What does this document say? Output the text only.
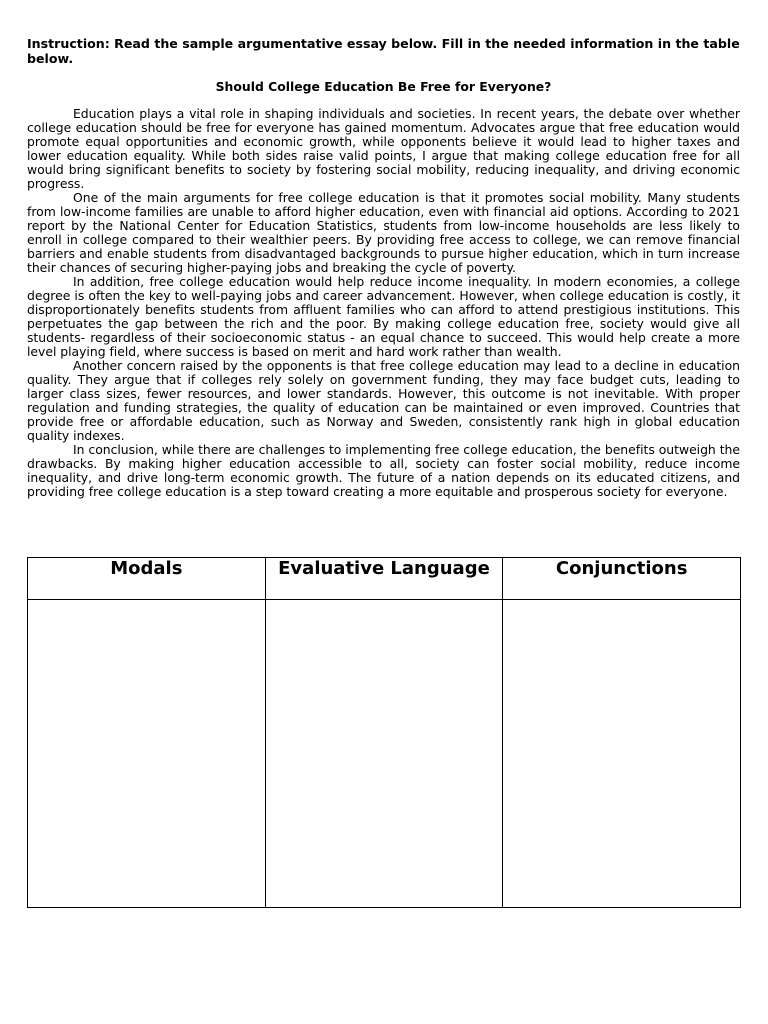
Instruction: Read the sample argumentative essay below. Fill in the needed information in the table below.

Should College Education Be Free for Everyone?

Education plays a vital role in shaping individuals and societies. In recent years, the debate over whether college education should be free for everyone has gained momentum. Advocates argue that free education would promote equal opportunities and economic growth, while opponents believe it would lead to higher taxes and lower education equality. While both sides raise valid points, I argue that making college education free for all would bring significant benefits to society by fostering social mobility, reducing inequality, and driving economic progress.

One of the main arguments for free college education is that it promotes social mobility. Many students from low-income families are unable to afford higher education, even with financial aid options. According to 2021 report by the National Center for Education Statistics, students from low-income households are less likely to enroll in college compared to their wealthier peers. By providing free access to college, we can remove financial barriers and enable students from disadvantaged backgrounds to pursue higher education, which in turn increase their chances of securing higher-paying jobs and breaking the cycle of poverty.

In addition, free college education would help reduce income inequality. In modern economies, a college degree is often the key to well-paying jobs and career advancement. However, when college education is costly, it disproportionately benefits students from affluent families who can afford to attend prestigious institutions. This perpetuates the gap between the rich and the poor. By making college education free, society would give all students- regardless of their socioeconomic status - an equal chance to succeed. This would help create a more level playing field, where success is based on merit and hard work rather than wealth.

Another concern raised by the opponents is that free college education may lead to a decline in education quality. They argue that if colleges rely solely on government funding, they may face budget cuts, leading to larger class sizes, fewer resources, and lower standards. However, this outcome is not inevitable. With proper regulation and funding strategies, the quality of education can be maintained or even improved. Countries that provide free or affordable education, such as Norway and Sweden, consistently rank high in global education quality indexes.

In conclusion, while there are challenges to implementing free college education, the benefits outweigh the drawbacks. By making higher education accessible to all, society can foster social mobility, reduce income inequality, and drive long-term economic growth. The future of a nation depends on its educated citizens, and providing free college education is a step toward creating a more equitable and prosperous society for everyone.

Modals	Evaluative Language	Conjunctions
